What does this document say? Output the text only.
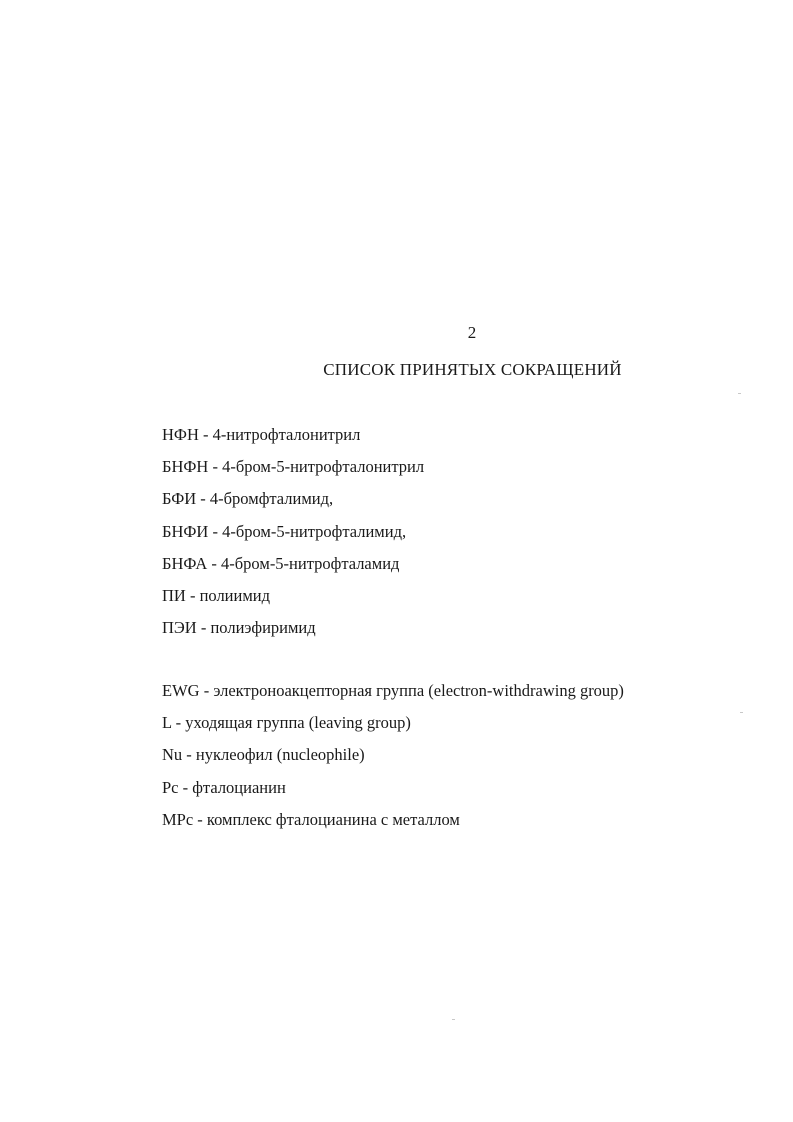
2
СПИСОК ПРИНЯТЫХ СОКРАЩЕНИЙ
НФН - 4-нитрофталонитрил
БНФН - 4-бром-5-нитрофталонитрил
БФИ - 4-бромфталимид,
БНФИ - 4-бром-5-нитрофталимид,
БНФА - 4-бром-5-нитрофталамид
ПИ - полиимид
ПЭИ - полиэфиримид
EWG - электроноакцепторная группа (electron-withdrawing group)
L - уходящая группа (leaving group)
Nu - нуклеофил (nucleophile)
Pc - фталоцианин
MPc - комплекс фталоцианина с металлом
